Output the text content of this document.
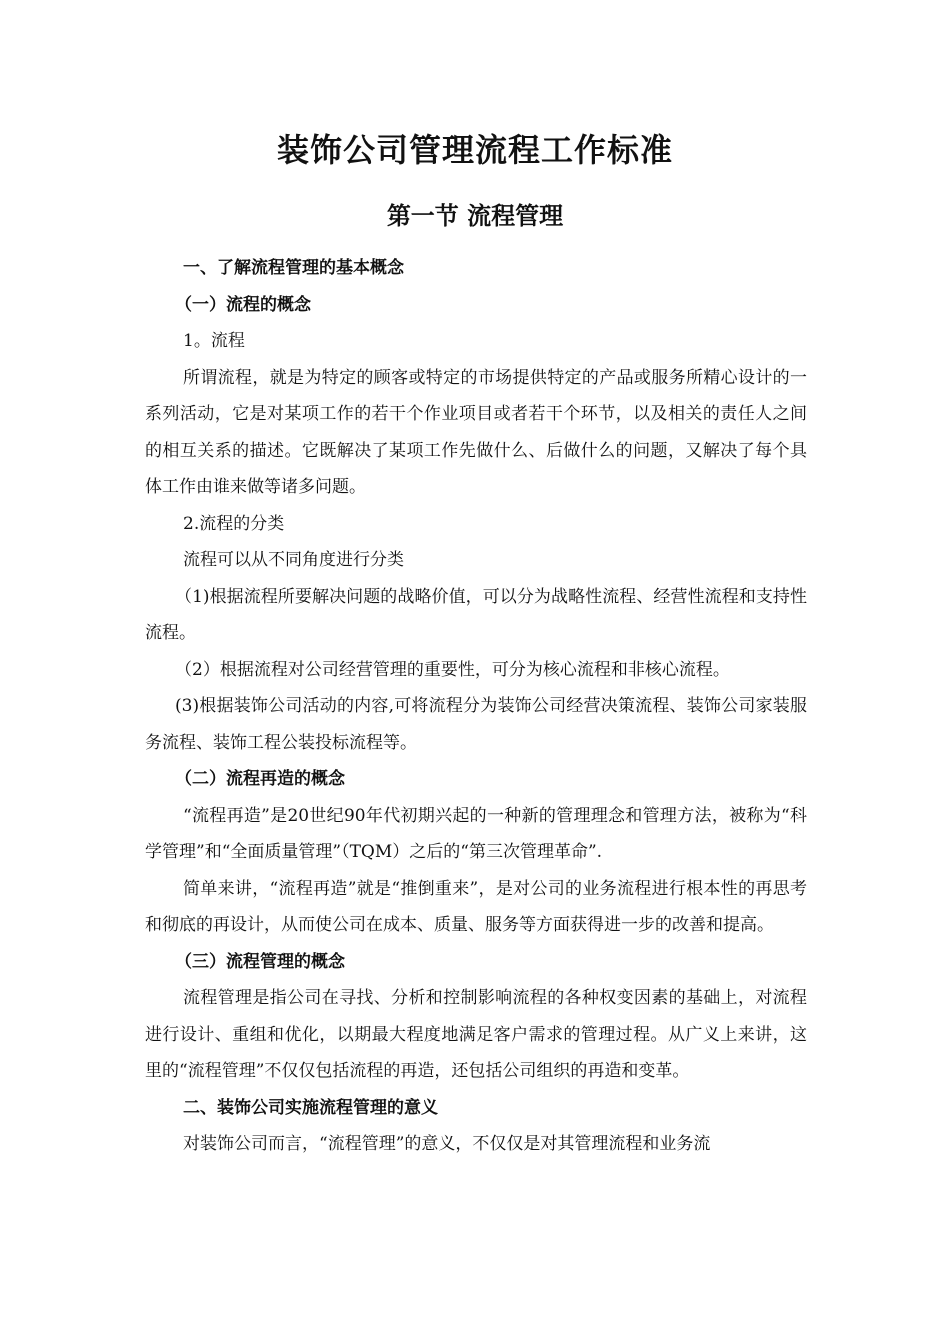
装饰公司管理流程工作标准
第一节 流程管理

一、了解流程管理的基本概念

（一）流程的概念

1。流程

所谓流程，就是为特定的顾客或特定的市场提供特定的产品或服务所精心设计的一系列活动，它是对某项工作的若干个作业项目或者若干个环节，以及相关的责任人之间的相互关系的描述。它既解决了某项工作先做什么、后做什么的问题，又解决了每个具体工作由谁来做等诸多问题。

2.流程的分类

流程可以从不同角度进行分类

（1)根据流程所要解决问题的战略价值，可以分为战略性流程、经营性流程和支持性流程。

（2）根据流程对公司经营管理的重要性，可分为核心流程和非核心流程。

(3)根据装饰公司活动的内容,可将流程分为装饰公司经营决策流程、装饰公司家装服务流程、装饰工程公装投标流程等。

（二）流程再造的概念

“流程再造”是20世纪90年代初期兴起的一种新的管理理念和管理方法，被称为“科学管理”和“全面质量管理”（TQM）之后的“第三次管理革命”.

简单来讲，“流程再造”就是“推倒重来”，是对公司的业务流程进行根本性的再思考和彻底的再设计，从而使公司在成本、质量、服务等方面获得进一步的改善和提高。

（三）流程管理的概念

流程管理是指公司在寻找、分析和控制影响流程的各种权变因素的基础上，对流程进行设计、重组和优化，以期最大程度地满足客户需求的管理过程。从广义上来讲，这里的“流程管理”不仅仅包括流程的再造，还包括公司组织的再造和变革。

二、装饰公司实施流程管理的意义

对装饰公司而言，“流程管理”的意义，不仅仅是对其管理流程和业务流
